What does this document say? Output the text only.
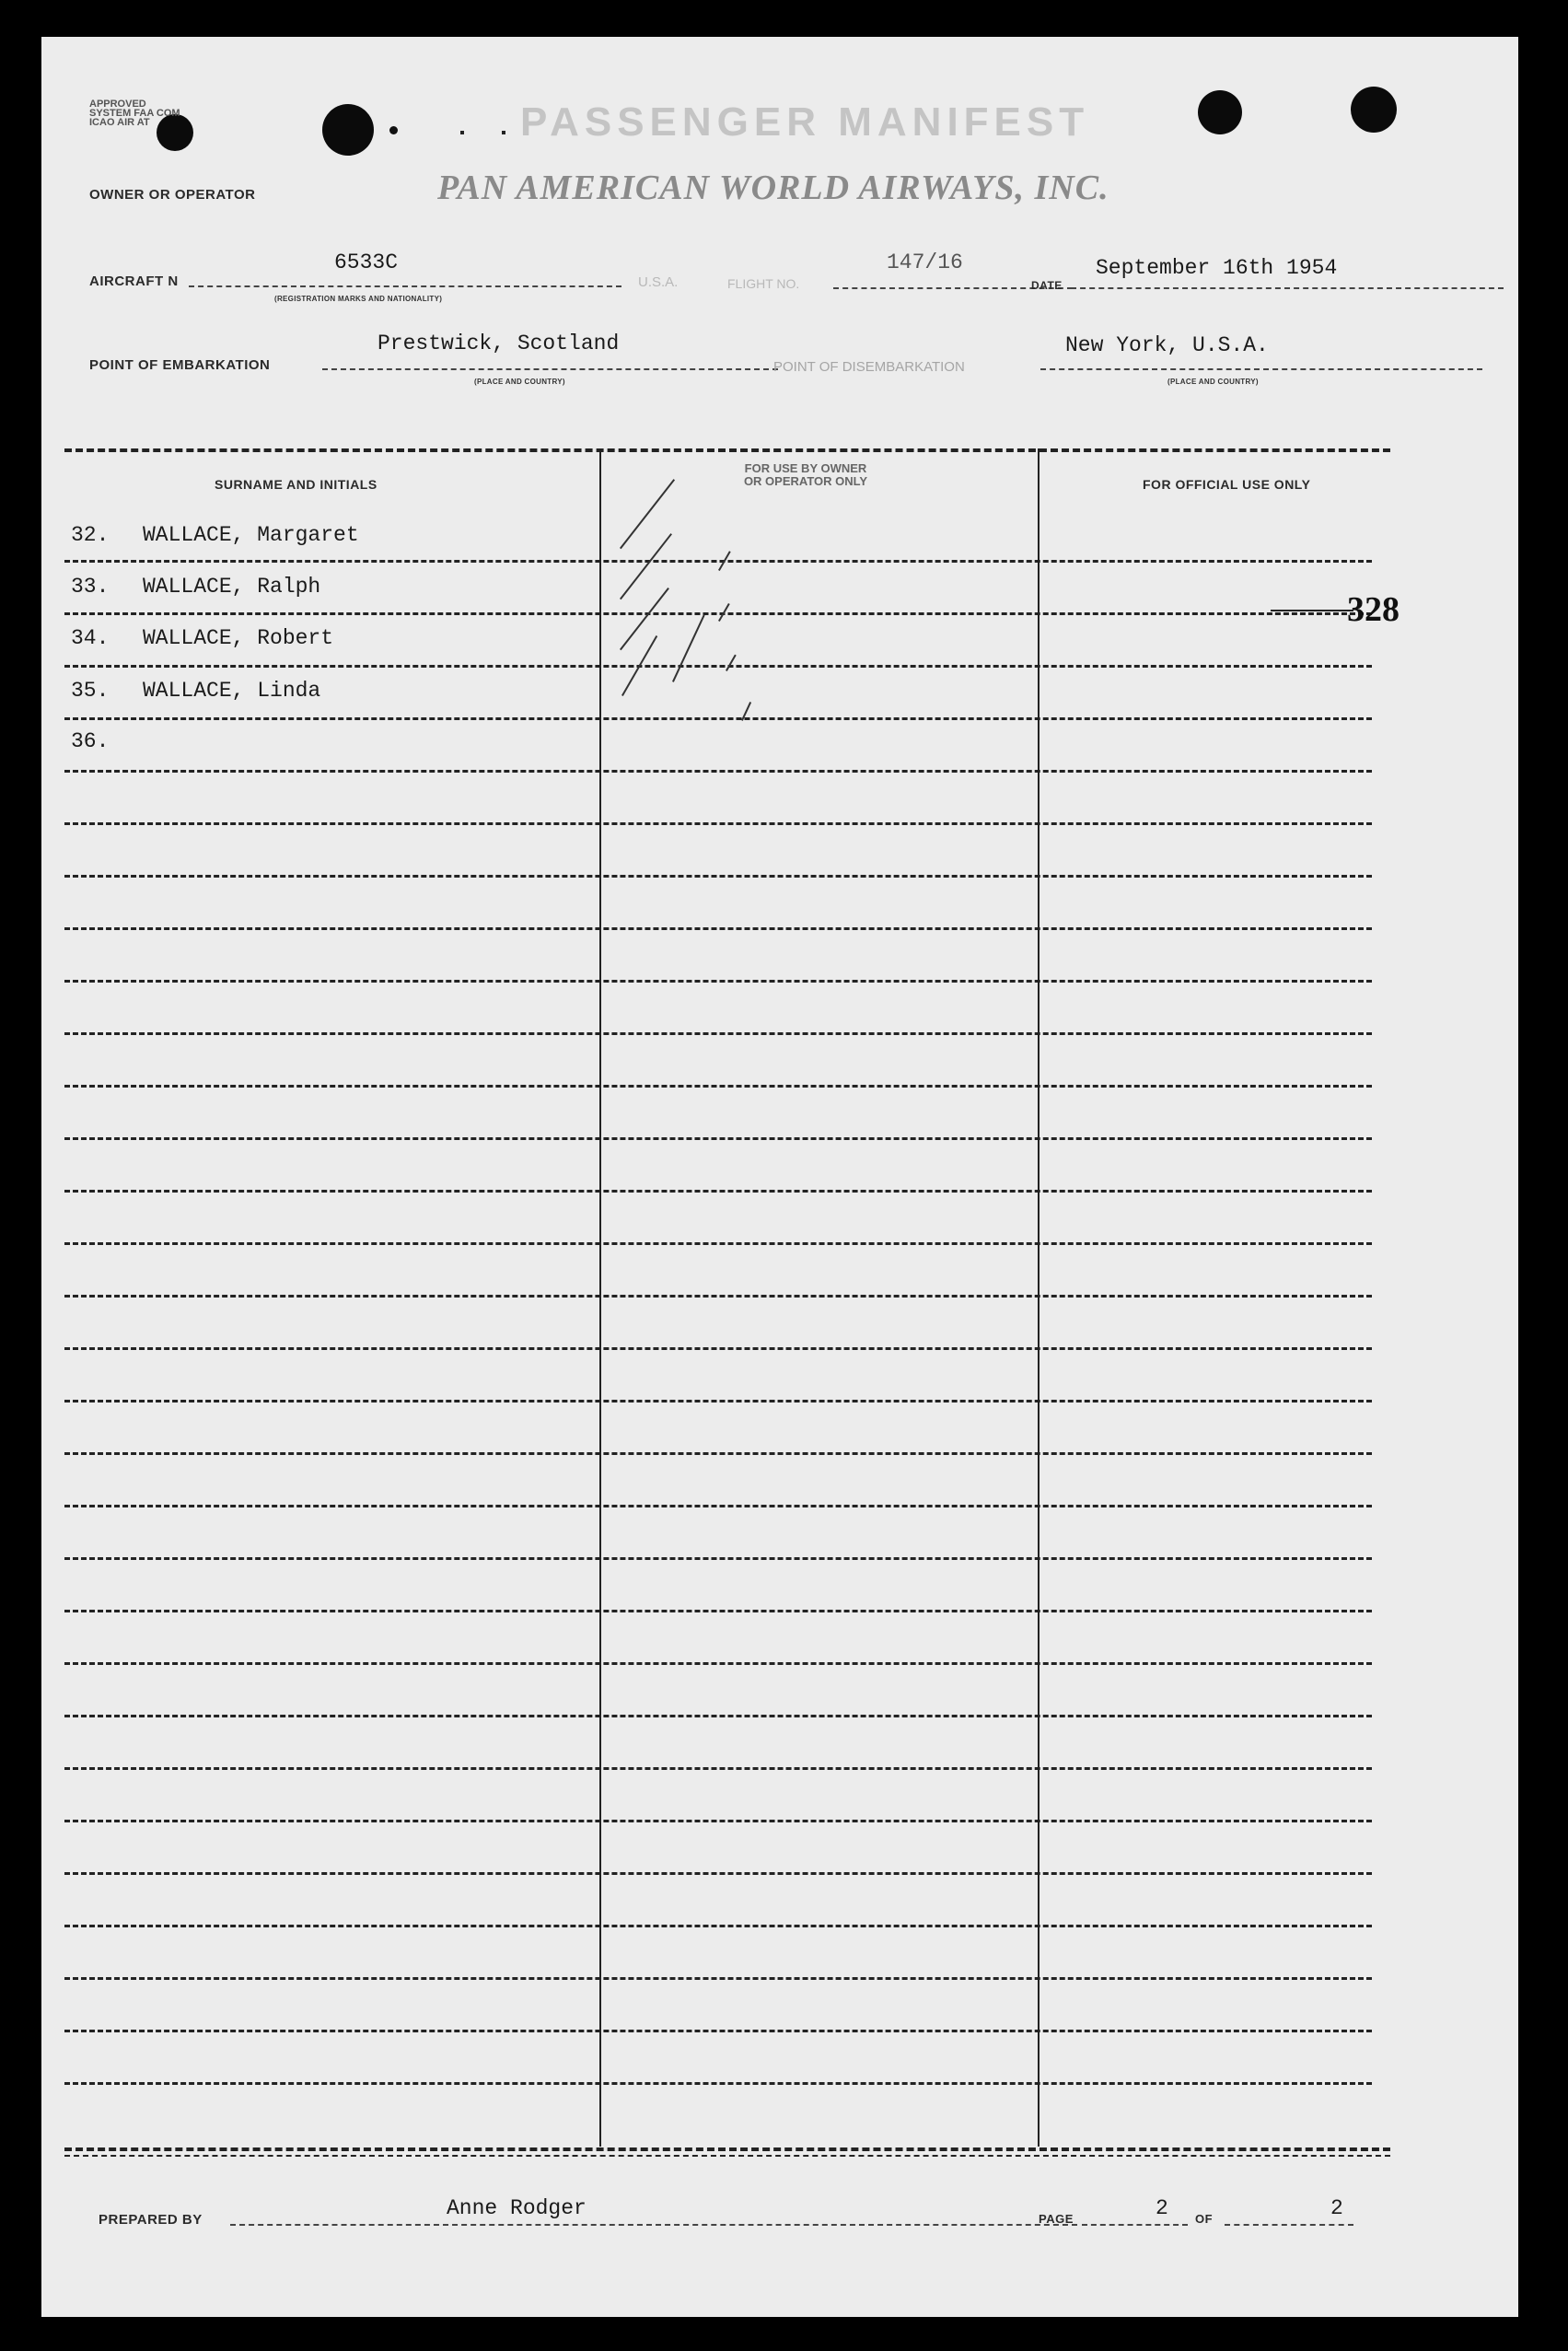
APPROVED
SYSTEM FAA COM
ICAO AIR AT	PASSENGER MANIFEST
OWNER OR OPERATOR	PAN AMERICAN WORLD AIRWAYS, INC.
AIRCRAFT N
6533C
(REGISTRATION MARKS AND NATIONALITY)
U.S.A.	FLIGHT NO.
147/16
DATE
September 16th 1954
POINT OF EMBARKATION
Prestwick, Scotland
(PLACE AND COUNTRY)
POINT OF DISEMBARKATION
New York, U.S.A.
(PLACE AND COUNTRY)
SURNAME AND INITIALS
FOR USE BY OWNER
OR OPERATOR ONLY	FOR OFFICIAL USE ONLY
32. WALLACE, Margaret
33. WALLACE, Ralph
34. WALLACE, Robert
35. WALLACE, Linda
36.
328
PREPARED BY	Anne Rodger	PAGE	2 OF	2
